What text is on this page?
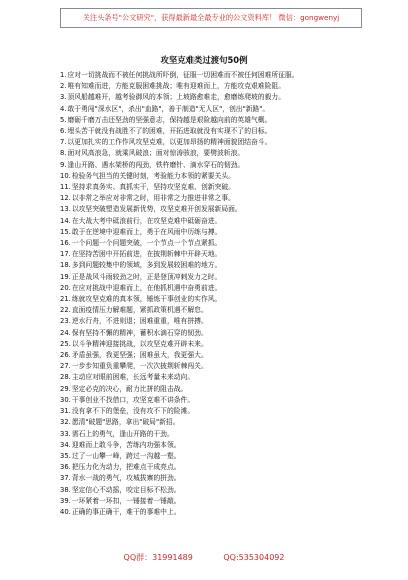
关注头条号"公文研究"，获得最新最全最专业的公文资料库！ 微信：gongwenyj
攻坚克难类过渡句50例
1.应对一切挑战而不被任何挑战所吓倒，征服一切困难而不被任何困难所征服。
2.唯有知难而进，方能克服困难挑战；唯有迎难而上，方能攻克艰难险阻。
3.顶风船越难开，越考验御风的本领；上坡路愈难走，愈磨练爬坡的毅力。
4.敢于勇闯"深水区"，杀出"血路"，善于制造"无人区"，创出"新路"。
5.磨砺千磨万击还坚劲的坚强意志，保持越是艰险越向前的英雄气概。
6.埋头苦干就没有战胜不了的困难，开拓进取就没有实现不了的目标。
7.以更加扎实的工作作风攻坚克难，以更加昂扬的精神面貌团结奋斗。
8.面对风高浪急，就乘风破浪；面对惊涛骇浪，要劈波斩浪。
9.逢山开路、遇水架桥的闯劲，铁杵磨针、滴水穿石的韧劲。
10.检验务气担当的关键时刻，考验能力本领的紧要关头。
11.坚持求真务实、真抓实干，坚持攻坚克难、创新突破。
12.以非常之举应对非常之时，用非常之力推进非常之事。
13.以攻坚突破塑造发展新优势，攻坚克难开创发展新局面。
14.在大战大考中砥浪前行，在攻坚克难中砥砺奋进。
15.敢于在逆境中迎难而上，勇于在风雨中历练与搏。
16.一个问题一个问题突破，一个节点一个节点紧抓。
17.在坚持苦困中开拓前进，在披荆斩棘中开辟天地。
18.多到问题较集中的领域，多到发展较困难的地方。
19.正是战风斗雨较劲之时，正是登顶冲刺发力之时。
20.在应对挑战中迎难而上，在他抓机遇中奋勇前进。
21.练就攻坚克难的真本领，锤炼干事创业的实作风。
22.直面疫情压力解难题，紧抓政策机遇不解怠。
23.逆水行舟，不进则退；困难重重，唯有拼搏。
24.保有坚持不懈的精神，蓄积水滴石穿的韧劲。
25.以斗争精神迎接挑战，以攻坚克难开辟未来。
26.矛盾虽强，我更坚强；困难虽大，我更强大。
27.一步步知重负重攀爬，一次次披荆斩棘闯关。
28.主动应对眼前困难，长远考量未来动向。
29.坚定必克的决心，耐力比拼的阻击战。
30.干事创业不找借口，攻坚克难不讲条件。
31.没有拿不下的堡垒，没有攻不下的险滩。
32.愿清"破题"思路，拿出"破局"新招。
33.需石上的勇气，逢山开路的干劲。
34.迎难而上敢斗争，苦练内功强本领。
35.过了一山攀一峰，跨过一沟越一壑。
36.把压力化为动力，把难点干成亮点。
37.背水一战的勇气，攻城拔寨的拼劲。
38.坚定信心不动摇，咬定目标不松劲。
39.一环紧着一环扣，一锤接着一锤敲。
40.正确的事正确干，难干的事难中上。
QQ群：31991489	QQ:535304092
